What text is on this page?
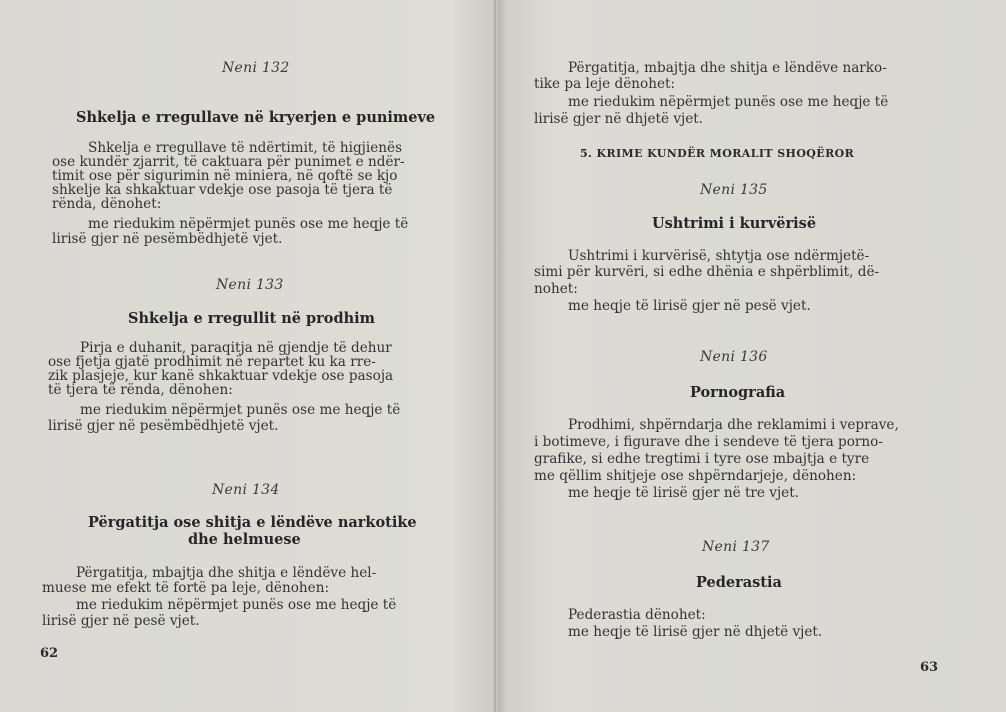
Neni 132

Shkelja e rregullave në kryerjen e punimeve

Shkelja e rregullave të ndërtimit, të higjienës

ose kundër zjarrit, të caktuara për punimet e ndër-

timit ose për sigurimin në miniera, në qoftë se kjo

shkelje ka shkaktuar vdekje ose pasoja të tjera të

rënda, dënohet:

me riedukim nëpërmjet punës ose me heqje të

lirisë gjer në pesëmbëdhjetë vjet.

Neni 133

Shkelja e rregullit në prodhim

Pirja e duhanit, paraqitja në gjendje të dehur

ose fjetja gjatë prodhimit në repartet ku ka rre-

zik plasjeje, kur kanë shkaktuar vdekje ose pasoja

të tjera të rënda, dënohen:

me riedukim nëpërmjet punës ose me heqje të

lirisë gjer në pesëmbëdhjetë vjet.

Neni 134

Përgatitja ose shitja e lëndëve narkotike

dhe helmuese

Përgatitja, mbajtja dhe shitja e lëndëve hel-

muese me efekt të fortë pa leje, dënohen:

me riedukim nëpërmjet punës ose me heqje të

lirisë gjer në pesë vjet.

62

Përgatitja, mbajtja dhe shitja e lëndëve narko-

tike pa leje dënohet:

me riedukim nëpërmjet punës ose me heqje të

lirisë gjer në dhjetë vjet.

5. KRIME KUNDËR MORALIT SHOQËROR

Neni 135

Ushtrimi i kurvërisë

Ushtrimi i kurvërisë, shtytja ose ndërmjetë-

simi për kurvëri, si edhe dhënia e shpërblimit, dë-

nohet:

me heqje të lirisë gjer në pesë vjet.

Neni 136

Pornografia

Prodhimi, shpërndarja dhe reklamimi i veprave,

i botimeve, i figurave dhe i sendeve të tjera porno-

grafike, si edhe tregtimi i tyre ose mbajtja e tyre

me qëllim shitjeje ose shpërndarjeje, dënohen:

me heqje të lirisë gjer në tre vjet.

Neni 137

Pederastia

Pederastia dënohet:

me heqje të lirisë gjer në dhjetë vjet.

63
